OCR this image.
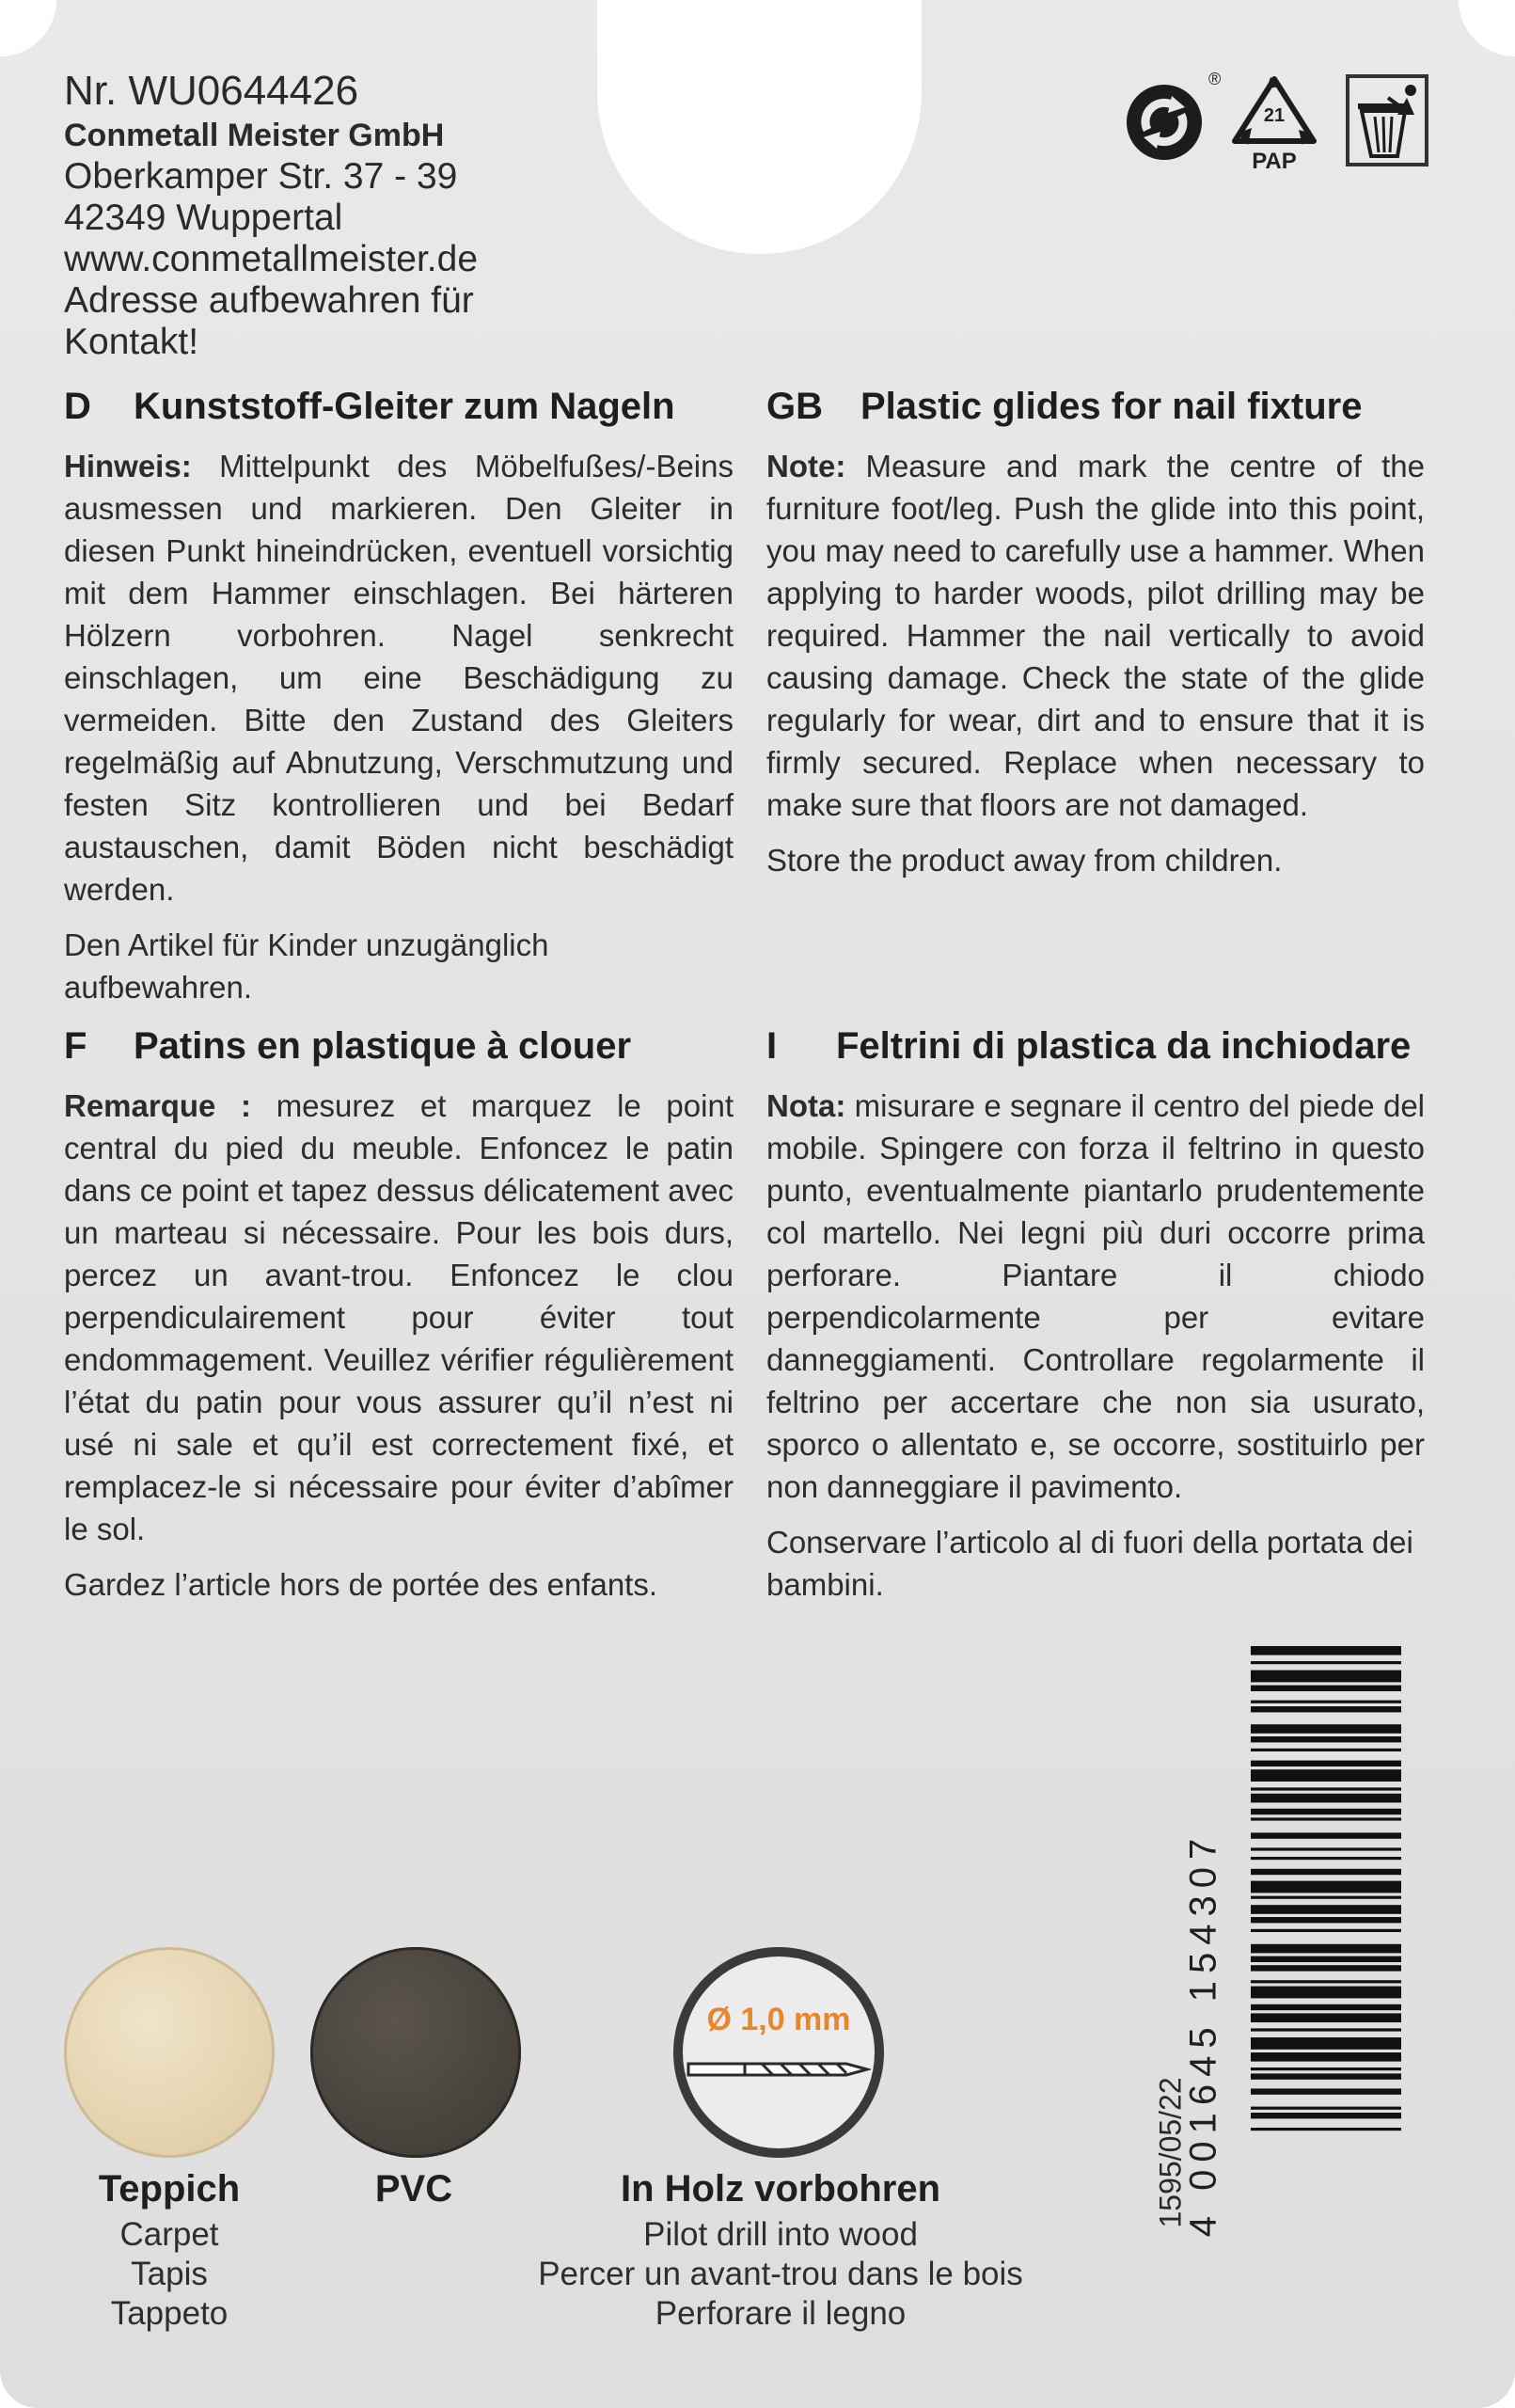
Nr. WU0644426
Conmetall Meister GmbH
Oberkamper Str. 37 - 39
42349 Wuppertal
www.conmetallmeister.de
Adresse aufbewahren für
Kontakt!
®
21
PAP
D	Kunststoff-Gleiter zum Nageln

Hinweis: Mittelpunkt des Möbelfußes/-Beins ausmessen und markieren. Den Gleiter in diesen Punkt hineindrücken, eventuell vorsichtig mit dem Hammer einschlagen. Bei härteren Hölzern vorbohren. Nagel senkrecht einschlagen, um eine Beschädigung zu vermeiden. Bitte den Zustand des Gleiters regelmäßig auf Abnutzung, Verschmutzung und festen Sitz kontrollieren und bei Bedarf austauschen, damit Böden nicht beschädigt werden.

Den Artikel für Kinder unzugänglich aufbewahren.

GB	Plastic glides for nail fixture

Note: Measure and mark the centre of the furniture foot/leg. Push the glide into this point, you may need to carefully use a hammer. When applying to harder woods, pilot drilling may be required. Hammer the nail vertically to avoid causing damage. Check the state of the glide regularly for wear, dirt and to ensure that it is firmly secured. Replace when necessary to make sure that floors are not damaged.

Store the product away from children.

F	Patins en plastique à clouer

Remarque : mesurez et marquez le point central du pied du meuble. Enfoncez le patin dans ce point et tapez dessus délicatement avec un marteau si nécessaire. Pour les bois durs, percez un avant-trou. Enfoncez le clou perpendiculairement pour éviter tout endommagement. Veuillez vérifier régulièrement l’état du patin pour vous assurer qu’il n’est ni usé ni sale et qu’il est correctement fixé, et remplacez-le si nécessaire pour éviter d’abîmer le sol.

Gardez l’article hors de portée des enfants.

I	Feltrini di plastica da inchiodare

Nota: misurare e segnare il centro del piede del mobile. Spingere con forza il feltrino in questo punto, eventualmente piantarlo prudentemente col martello. Nei legni più duri occorre prima perforare. Piantare il chiodo perpendicolarmente per evitare danneggiamenti. Controllare regolarmente il feltrino per accertare che non sia usurato, sporco o allentato e, se occorre, sostituirlo per non danneggiare il pavimento.

Conservare l’articolo al di fuori della portata dei bambini.

Teppich
Carpet
Tapis
Tappeto
PVC
Ø 1,0 mm
In Holz vorbohren
Pilot drill into wood
Percer un avant-trou dans le bois
Perforare il legno
4 001645 154307
1595/05/22
